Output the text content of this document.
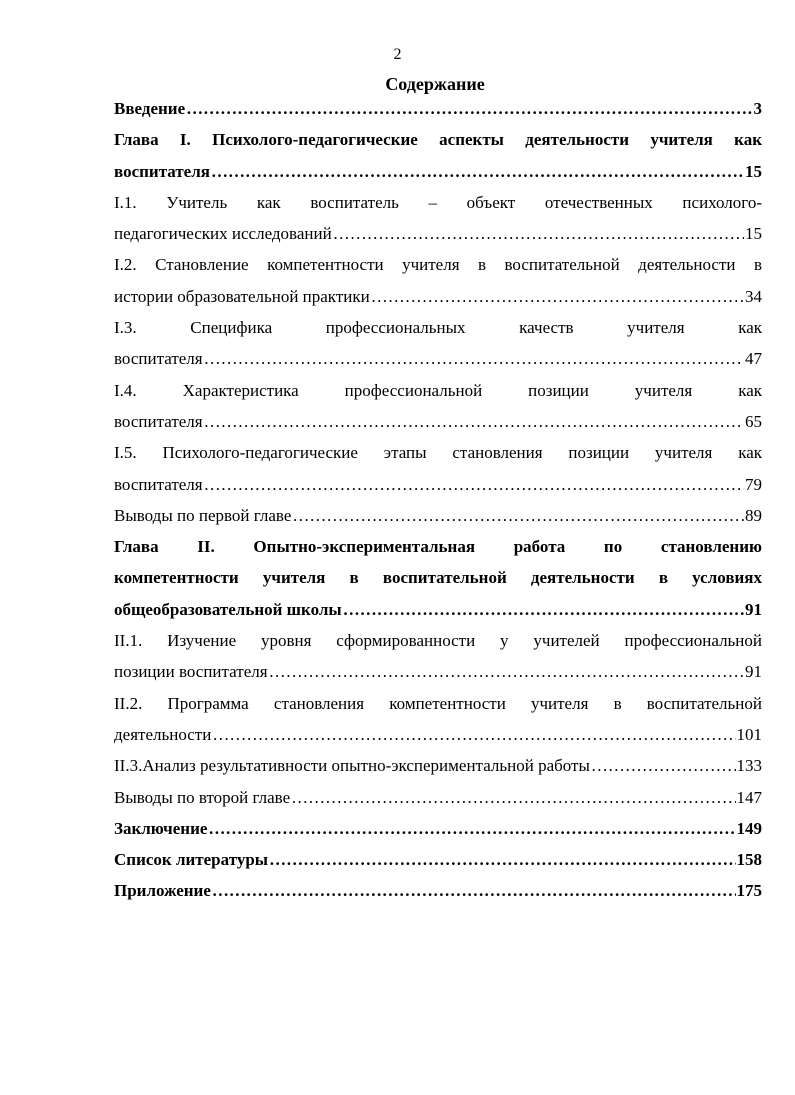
2
Содержание
Введение ……………………………………………………………………………………………………………………………………………………………………………………	3
Глава I. Психолого-педагогические аспекты деятельности учителя как
воспитателя ……………………………………………………………………………………………………………………………………………………………………………………	15
I.1. Учитель как воспитатель – объект отечественных психолого-
педагогических исследований ……………………………………………………………………………………………………………………………………………………………………………………	15
I.2. Становление компетентности учителя в воспитательной деятельности в
истории образовательной практики ……………………………………………………………………………………………………………………………………………………………………………………	34
I.3. Специфика профессиональных качеств учителя как
воспитателя ……………………………………………………………………………………………………………………………………………………………………………………	47
I.4. Характеристика профессиональной позиции учителя как
воспитателя ……………………………………………………………………………………………………………………………………………………………………………………	65
I.5. Психолого-педагогические этапы становления позиции учителя как
воспитателя ……………………………………………………………………………………………………………………………………………………………………………………	79
Выводы по первой главе ……………………………………………………………………………………………………………………………………………………………………………………	89
Глава II. Опытно-экспериментальная работа по становлению
компетентности учителя в воспитательной деятельности в условиях
общеобразовательной школы ……………………………………………………………………………………………………………………………………………………………………………………	91
II.1. Изучение уровня сформированности у учителей профессиональной
позиции воспитателя ……………………………………………………………………………………………………………………………………………………………………………………	91
II.2. Программа становления компетентности учителя в воспитательной
деятельности ……………………………………………………………………………………………………………………………………………………………………………………	101
II.3.Анализ результативности опытно-экспериментальной работы ……………………………………………………………………………………………………………………………………………………………………………………	133
Выводы по второй главе ……………………………………………………………………………………………………………………………………………………………………………………	147
Заключение ……………………………………………………………………………………………………………………………………………………………………………………	149
Список литературы ……………………………………………………………………………………………………………………………………………………………………………………	158
Приложение ……………………………………………………………………………………………………………………………………………………………………………………	175
